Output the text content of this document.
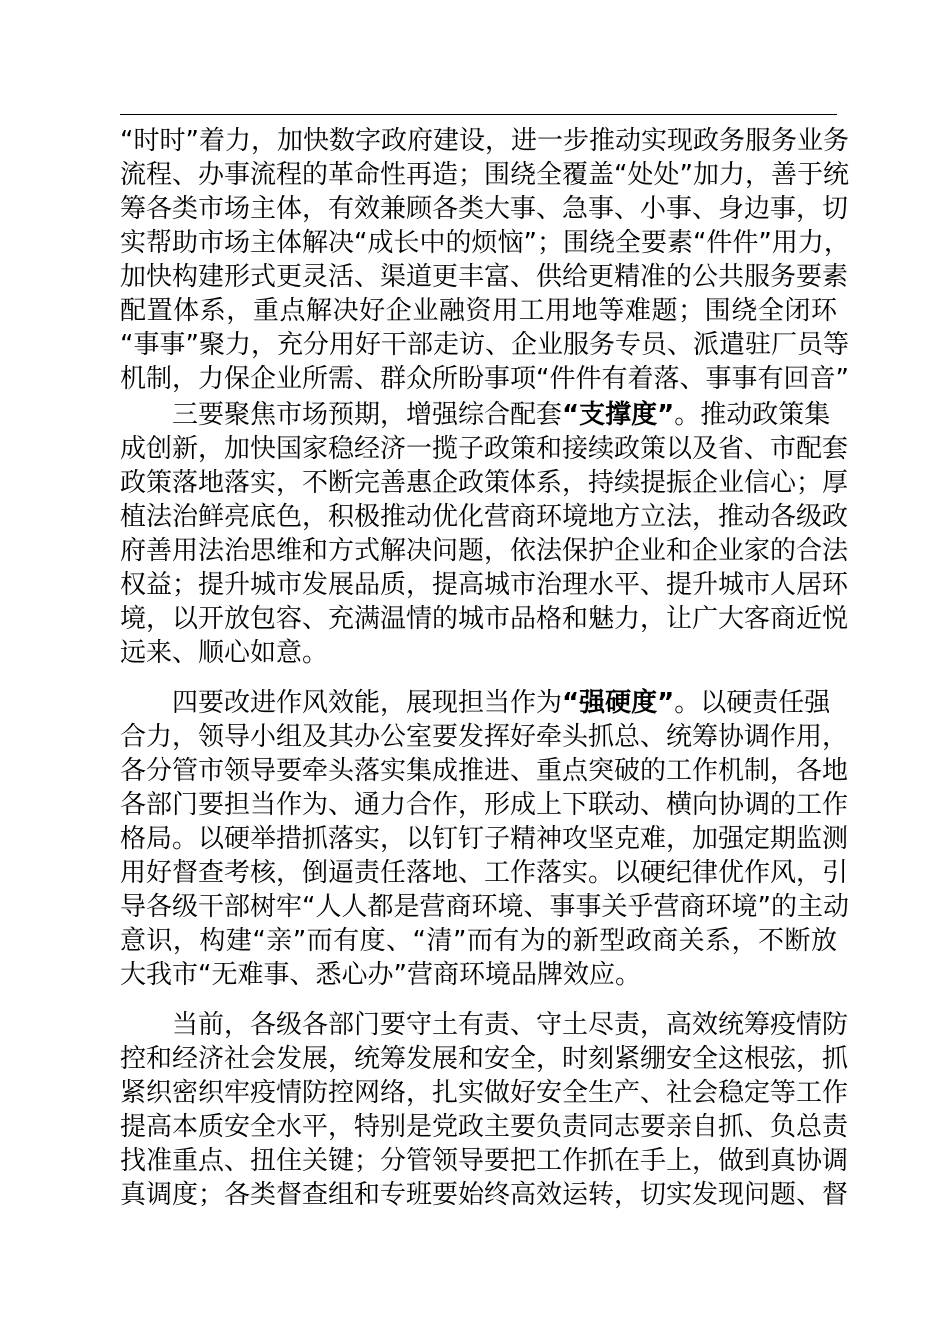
“时时”着力，加快数字政府建设，进一步推动实现政务服务业务
流程、办事流程的革命性再造；围绕全覆盖“处处”加力，善于统
筹各类市场主体，有效兼顾各类大事、急事、小事、身边事，切
实帮助市场主体解决“成长中的烦恼”；围绕全要素“件件”用力，
加快构建形式更灵活、渠道更丰富、供给更精准的公共服务要素
配置体系，重点解决好企业融资用工用地等难题；围绕全闭环
“事事”聚力，充分用好干部走访、企业服务专员、派遣驻厂员等
机制，力保企业所需、群众所盼事项“件件有着落、事事有回音”
三要聚焦市场预期，增强综合配套“支撑度”。推动政策集
成创新，加快国家稳经济一揽子政策和接续政策以及省、市配套
政策落地落实，不断完善惠企政策体系，持续提振企业信心；厚
植法治鲜亮底色，积极推动优化营商环境地方立法，推动各级政
府善用法治思维和方式解决问题，依法保护企业和企业家的合法
权益；提升城市发展品质，提高城市治理水平、提升城市人居环
境，以开放包容、充满温情的城市品格和魅力，让广大客商近悦
远来、顺心如意。
四要改进作风效能，展现担当作为“强硬度”。以硬责任强
合力，领导小组及其办公室要发挥好牵头抓总、统筹协调作用，
各分管市领导要牵头落实集成推进、重点突破的工作机制，各地
各部门要担当作为、通力合作，形成上下联动、横向协调的工作
格局。以硬举措抓落实，以钉钉子精神攻坚克难，加强定期监测
用好督查考核，倒逼责任落地、工作落实。以硬纪律优作风，引
导各级干部树牢“人人都是营商环境、事事关乎营商环境”的主动
意识，构建“亲”而有度、“清”而有为的新型政商关系，不断放
大我市“无难事、悉心办”营商环境品牌效应。
当前，各级各部门要守土有责、守土尽责，高效统筹疫情防
控和经济社会发展，统筹发展和安全，时刻紧绷安全这根弦，抓
紧织密织牢疫情防控网络，扎实做好安全生产、社会稳定等工作
提高本质安全水平，特别是党政主要负责同志要亲自抓、负总责
找准重点、扭住关键；分管领导要把工作抓在手上，做到真协调
真调度；各类督查组和专班要始终高效运转，切实发现问题、督
